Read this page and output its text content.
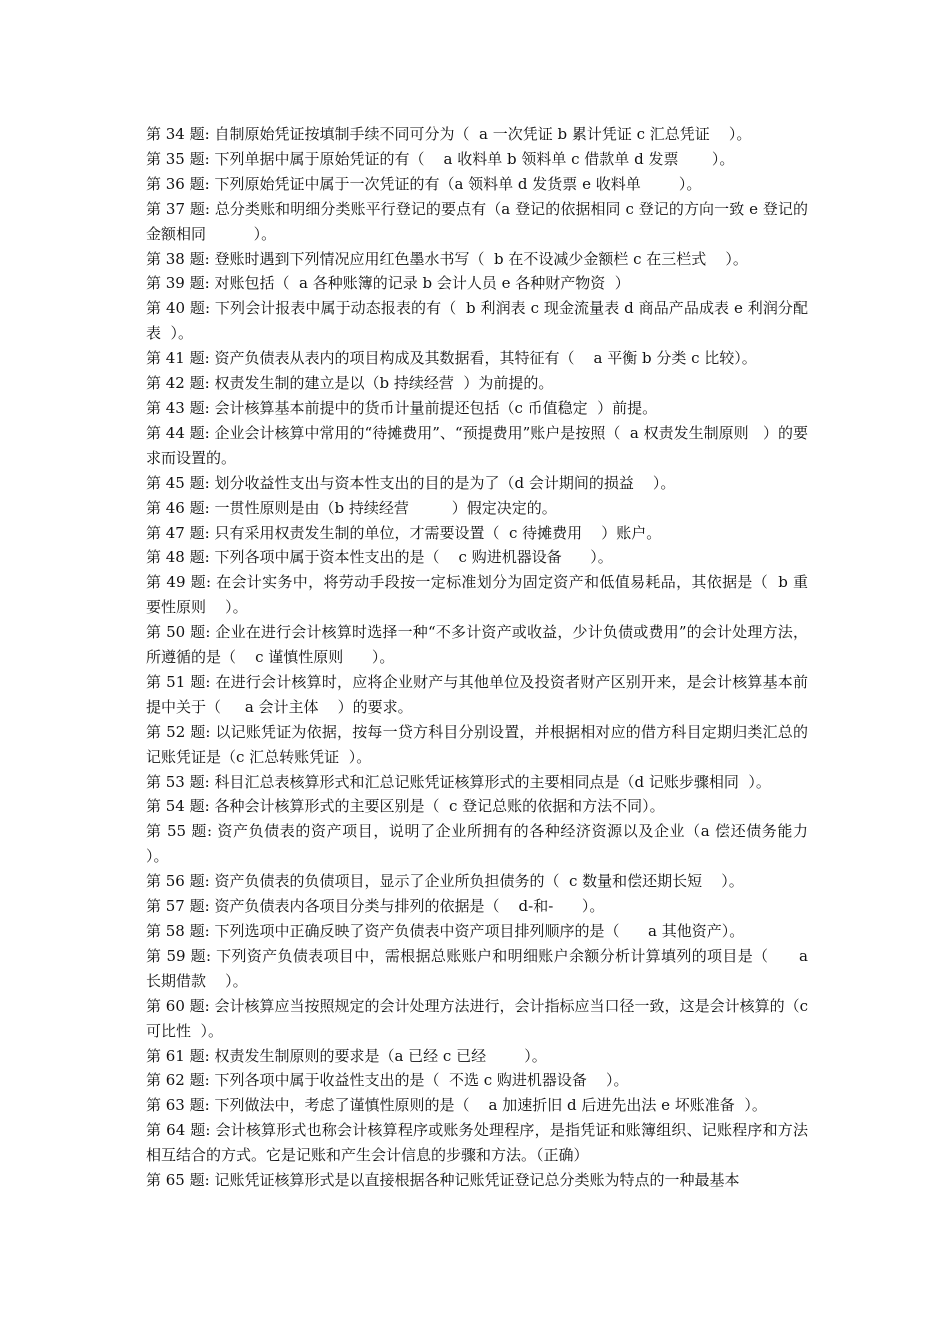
第 34 题: 自制原始凭证按填制手续不同可分为（  a 一次凭证 b 累计凭证 c 汇总凭证    ）。

第 35 题: 下列单据中属于原始凭证的有（    a 收料单 b 领料单 c 借款单 d 发票       ）。

第 36 题: 下列原始凭证中属于一次凭证的有（a 领料单 d 发货票 e 收料单        ）。

第 37 题: 总分类账和明细分类账平行登记的要点有（a 登记的依据相同 c 登记的方向一致 e 登记的金额相同          ）。

第 38 题: 登账时遇到下列情况应用红色墨水书写（  b 在不设减少金额栏 c 在三栏式    ）。

第 39 题: 对账包括（  a 各种账簿的记录 b 会计人员 e 各种财产物资  ）

第 40 题: 下列会计报表中属于动态报表的有（  b 利润表 c 现金流量表 d 商品产品成表 e 利润分配表  ）。

第 41 题: 资产负债表从表内的项目构成及其数据看，其特征有（    a 平衡 b 分类 c 比较）。

第 42 题: 权责发生制的建立是以（b 持续经营  ）为前提的。

第 43 题: 会计核算基本前提中的货币计量前提还包括（c 币值稳定  ）前提。

第 44 题: 企业会计核算中常用的“待摊费用”、“预提费用”账户是按照（  a 权责发生制原则   ）的要求而设置的。

第 45 题: 划分收益性支出与资本性支出的目的是为了（d 会计期间的损益    ）。

第 46 题: 一贯性原则是由（b 持续经营         ）假定决定的。

第 47 题: 只有采用权责发生制的单位，才需要设置（  c 待摊费用    ）账户。

第 48 题: 下列各项中属于资本性支出的是（    c 购进机器设备      ）。

第 49 题: 在会计实务中，将劳动手段按一定标准划分为固定资产和低值易耗品，其依据是（  b 重要性原则    ）。

第 50 题: 企业在进行会计核算时选择一种“不多计资产或收益，少计负债或费用”的会计处理方法，所遵循的是（    c 谨慎性原则      ）。

第 51 题: 在进行会计核算时，应将企业财产与其他单位及投资者财产区别开来，是会计核算基本前提中关于（     a 会计主体    ）的要求。

第 52 题: 以记账凭证为依据，按每一贷方科目分别设置，并根据相对应的借方科目定期归类汇总的记账凭证是（c 汇总转账凭证  ）。

第 53 题: 科目汇总表核算形式和汇总记账凭证核算形式的主要相同点是（d 记账步骤相同  ）。

第 54 题: 各种会计核算形式的主要区别是（  c 登记总账的依据和方法不同）。

第 55 题: 资产负债表的资产项目，说明了企业所拥有的各种经济资源以及企业（a 偿还债务能力      ）。

第 56 题: 资产负债表的负债项目，显示了企业所负担债务的（  c 数量和偿还期长短    ）。

第 57 题: 资产负债表内各项目分类与排列的依据是（    d-和-      ）。

第 58 题: 下列选项中正确反映了资产负债表中资产项目排列顺序的是（      a 其他资产）。

第 59 题: 下列资产负债表项目中，需根据总账账户和明细账户余额分析计算填列的项目是（      a 长期借款    ）。

第 60 题: 会计核算应当按照规定的会计处理方法进行，会计指标应当口径一致，这是会计核算的（c 可比性  ）。

第 61 题: 权责发生制原则的要求是（a 已经 c 已经        ）。

第 62 题: 下列各项中属于收益性支出的是（  不选 c 购进机器设备    ）。

第 63 题: 下列做法中，考虑了谨慎性原则的是（    a 加速折旧 d 后进先出法 e 坏账准备  ）。

第 64 题: 会计核算形式也称会计核算程序或账务处理程序，是指凭证和账簿组织、记账程序和方法相互结合的方式。它是记账和产生会计信息的步骤和方法。（正确）

第 65 题: 记账凭证核算形式是以直接根据各种记账凭证登记总分类账为特点的一种最基本
